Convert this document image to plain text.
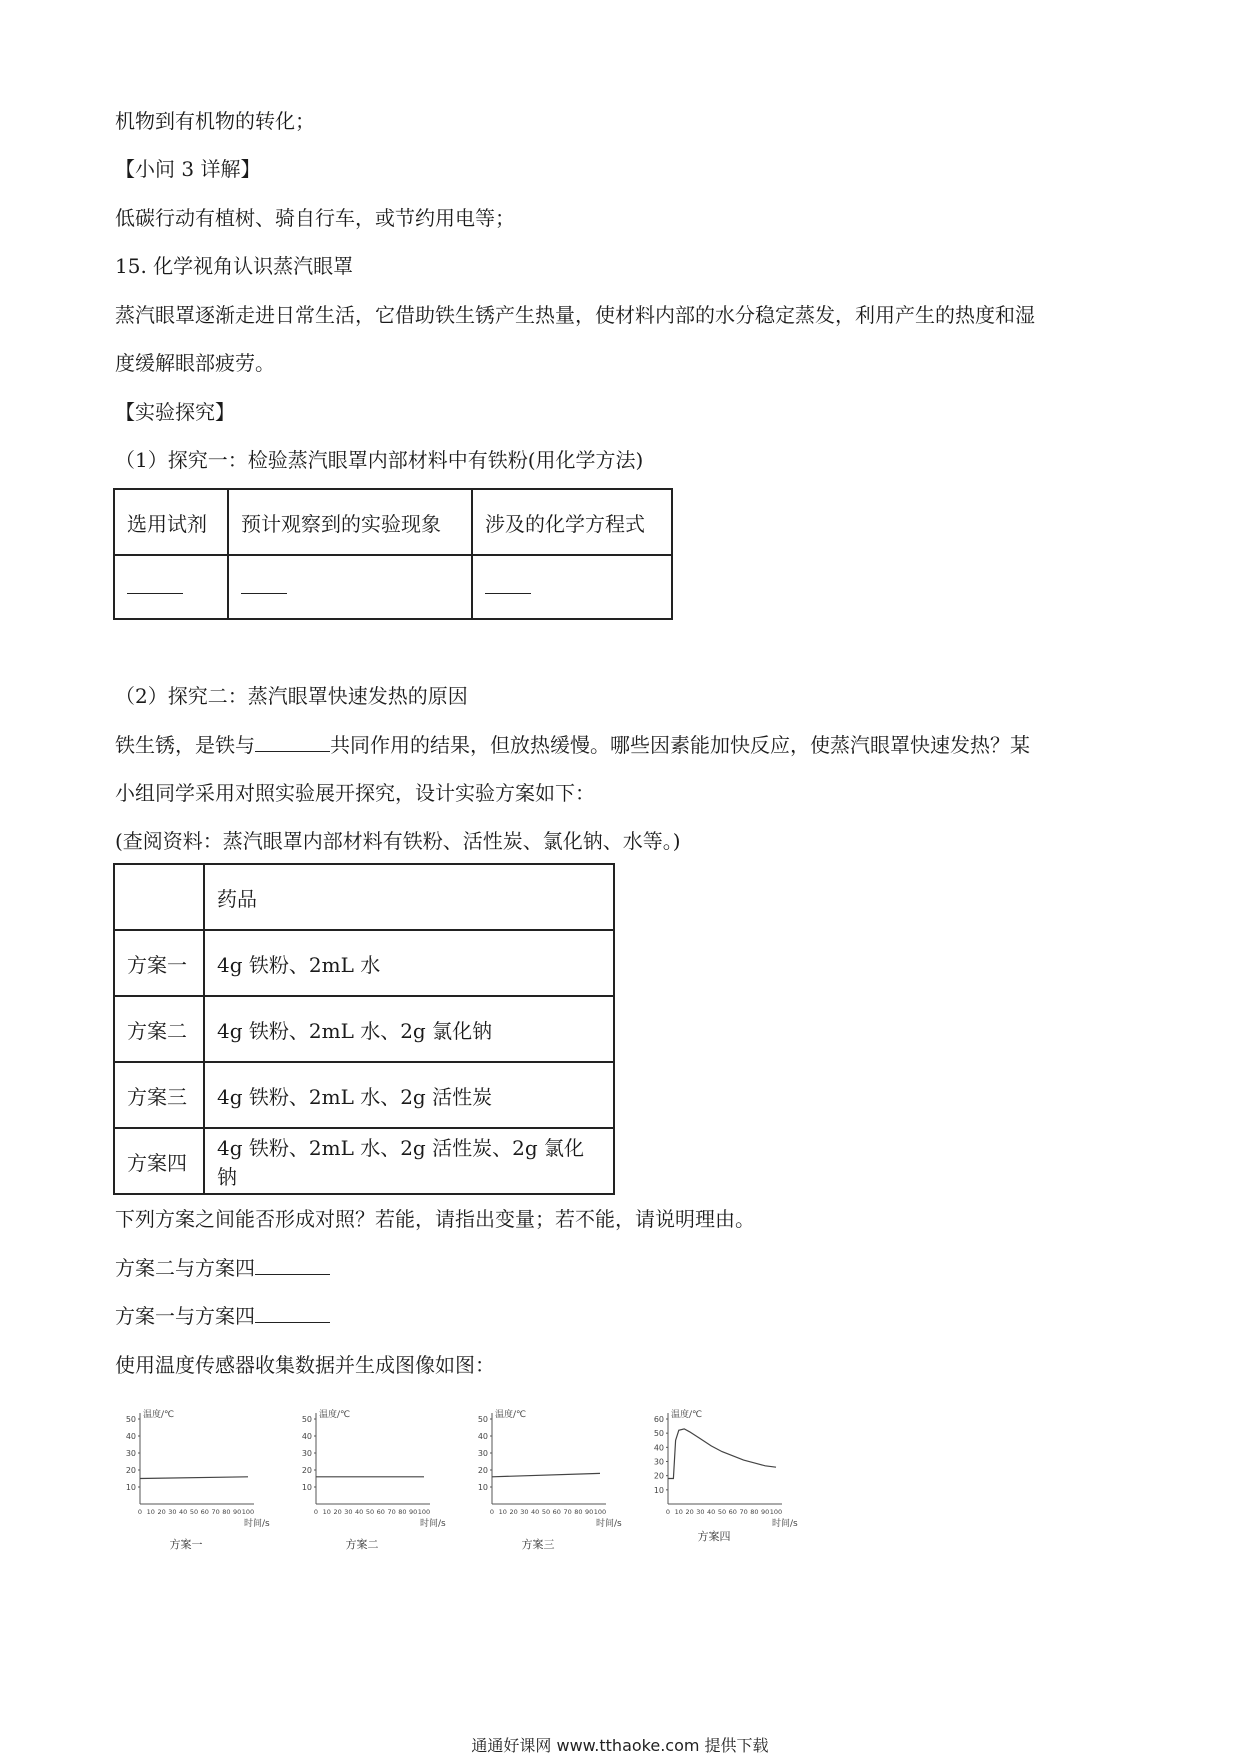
机物到有机物的转化；
【小问 3 详解】
低碳行动有植树、骑自行车，或节约用电等；
15. 化学视角认识蒸汽眼罩
蒸汽眼罩逐渐走进日常生活，它借助铁生锈产生热量，使材料内部的水分稳定蒸发，利用产生的热度和湿
度缓解眼部疲劳。
【实验探究】
（1）探究一：检验蒸汽眼罩内部材料中有铁粉(用化学方法)
选用试剂	预计观察到的实验现象	涉及的化学方程式

（2）探究二：蒸汽眼罩快速发热的原因
铁生锈，是铁与	共同作用的结果，但放热缓慢。哪些因素能加快反应，使蒸汽眼罩快速发热？某
小组同学采用对照实验展开探究，设计实验方案如下：
(查阅资料：蒸汽眼罩内部材料有铁粉、活性炭、氯化钠、水等。)
	药品
方案一	4g 铁粉、2mL 水
方案二	4g 铁粉、2mL 水、2g 氯化钠
方案三	4g 铁粉、2mL 水、2g 活性炭
方案四	4g 铁粉、2mL 水、2g 活性炭、2g 氯化钠
下列方案之间能否形成对照？若能，请指出变量；若不能，请说明理由。
方案二与方案四
方案一与方案四
使用温度传感器收集数据并生成图像如图：
10
20
30
40
50
0 10 20 30 40 50 60 70 80 90 100
温度/℃
时间/s
方案一
10
20
30
40
50
0 10 20 30 40 50 60 70 80 90 100
温度/℃
时间/s
方案二
10
20
30
40
50
0 10 20 30 40 50 60 70 80 90 100
温度/℃
时间/s
方案三
10
20
30
40
50
60
0 10 20 30 40 50 60 70 80 90 100
温度/℃
时间/s
方案四
通通好课网 www.tthaoke.com 提供下载
